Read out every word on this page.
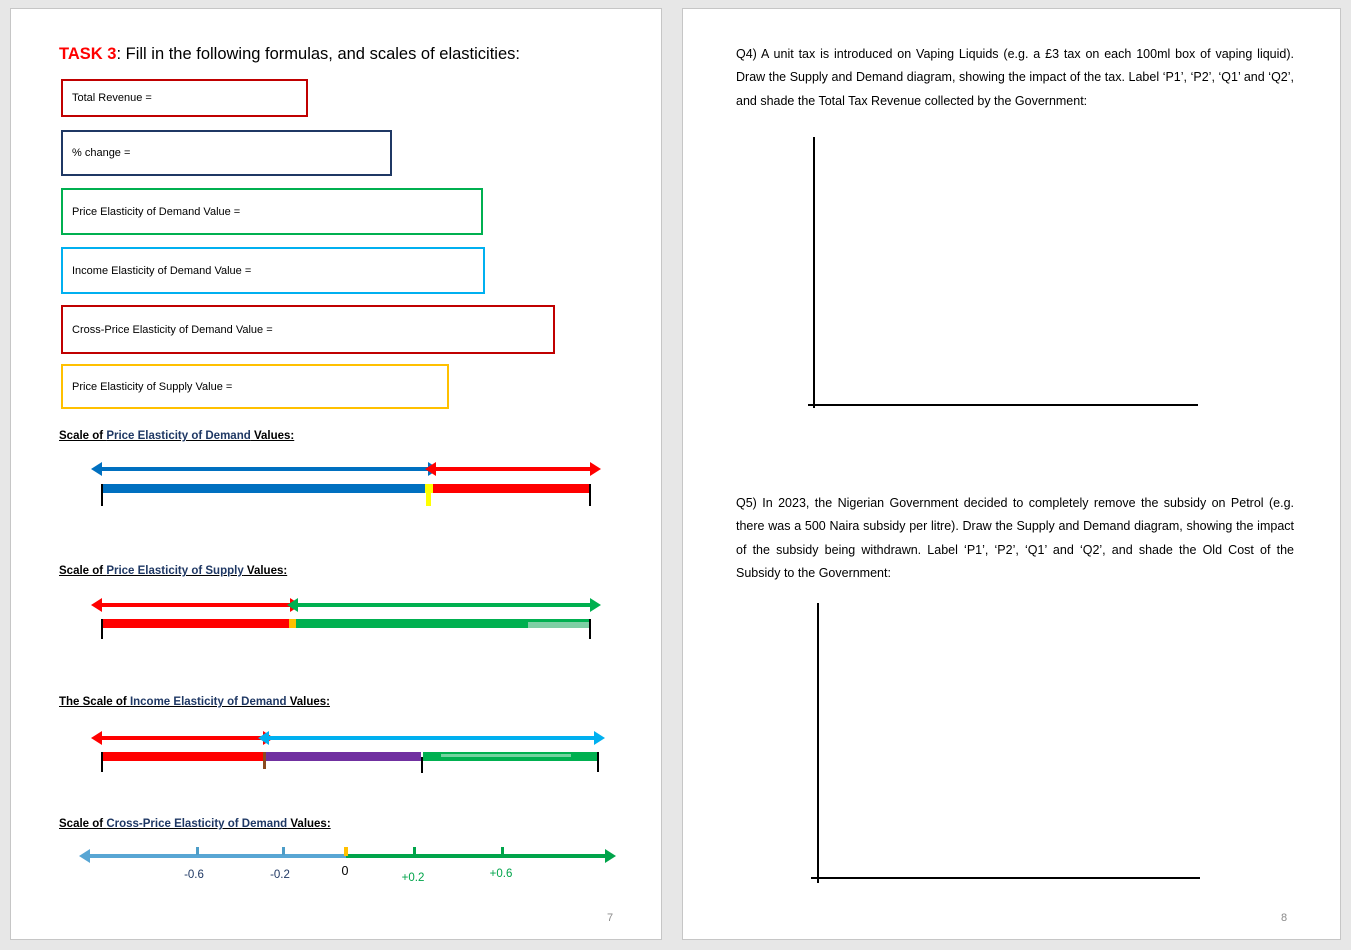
TASK 3: Fill in the following formulas, and scales of elasticities:
Total Revenue =
% change =
Price Elasticity of Demand Value =
Income Elasticity of Demand Value =
Cross-Price Elasticity of Demand Value =
Price Elasticity of Supply Value =
Scale of Price Elasticity of Demand Values:
Scale of Price Elasticity of Supply Values:
The Scale of Income Elasticity of Demand Values:
Scale of Cross-Price Elasticity of Demand Values:
-0.6	-0.2	0	+0.2	+0.6
7
Q4) A unit tax is introduced on Vaping Liquids (e.g. a £3 tax on each 100ml box of vaping liquid). Draw the Supply and Demand diagram, showing the impact of the tax. Label ‘P1’, ‘P2’, ‘Q1’ and ‘Q2’, and shade the Total Tax Revenue collected by the Government:
Q5) In 2023, the Nigerian Government decided to completely remove the subsidy on Petrol (e.g. there was a 500 Naira subsidy per litre). Draw the Supply and Demand diagram, showing the impact of the subsidy being withdrawn. Label ‘P1’, ‘P2’, ‘Q1’ and ‘Q2’, and shade the Old Cost of the Subsidy to the Government:
8
